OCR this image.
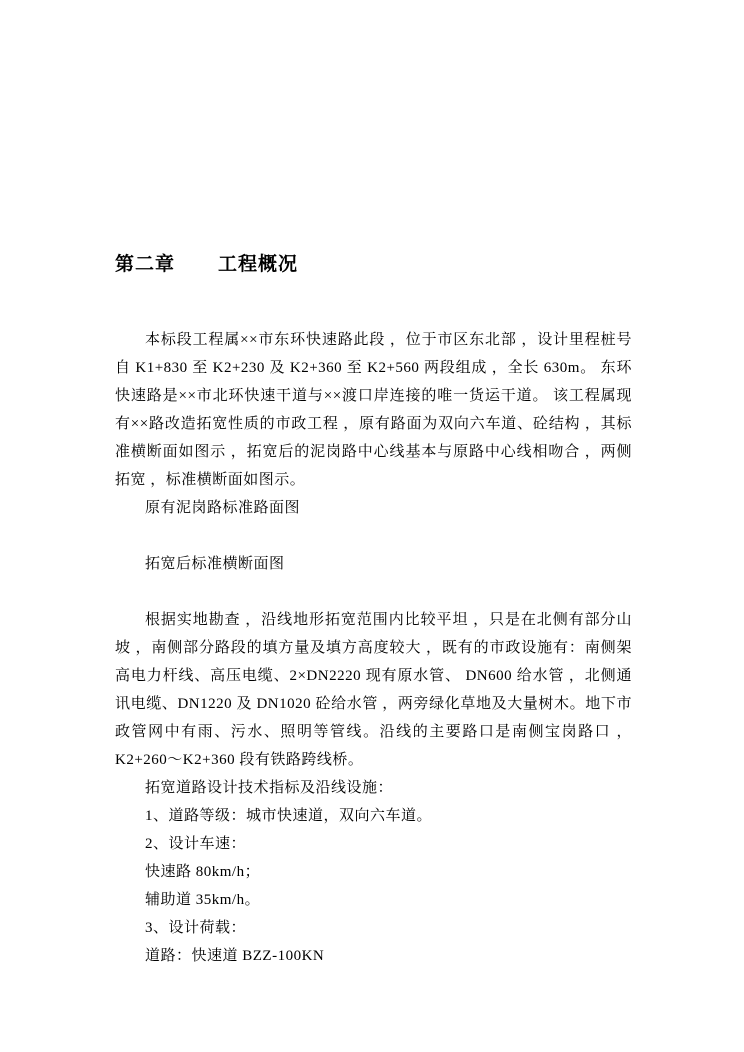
第二章 工程概况

本标段工程属××市东环快速路此段 ，位于市区东北部 ，设计里程桩号自 K1+830 至 K2+230 及 K2+360 至 K2+560 两段组成 ，全长 630m。 东环快速路是××市北环快速干道与××渡口岸连接的唯一货运干道。 该工程属现有××路改造拓宽性质的市政工程 ，原有路面为双向六车道、砼结构 ，其标准横断面如图示 ，拓宽后的泥岗路中心线基本与原路中心线相吻合 ，两侧拓宽 ，标准横断面如图示。

原有泥岗路标准路面图

拓宽后标准横断面图

根据实地勘查 ，沿线地形拓宽范围内比较平坦 ，只是在北侧有部分山坡 ，南侧部分路段的填方量及填方高度较大 ，既有的市政设施有：南侧架高电力杆线、高压电缆、2×DN2220 现有原水管、 DN600 给水管 ，北侧通讯电缆、DN1220 及 DN1020 砼给水管 ，两旁绿化草地及大量树木。地下市政管网中有雨、污水、照明等管线。沿线的主要路口是南侧宝岗路口 ，K2+260～K2+360 段有铁路跨线桥。

拓宽道路设计技术指标及沿线设施：

1、道路等级：城市快速道，双向六车道。

2、设计车速：

快速路 80km/h；

辅助道 35km/h。

3、设计荷载：

道路：快速道 BZZ-100KN
